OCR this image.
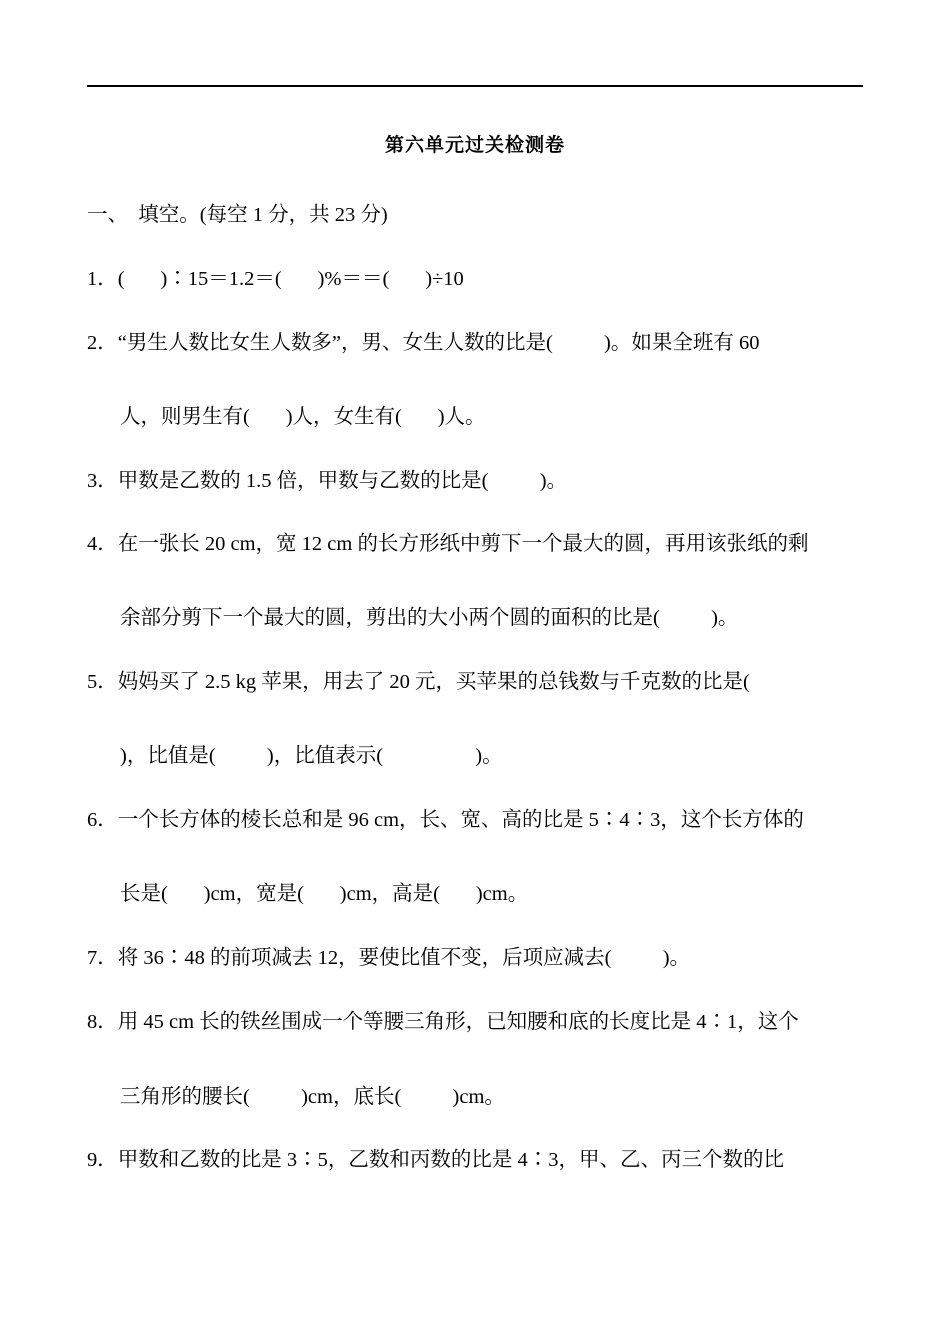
第六单元过关检测卷
一、  填空。(每空 1 分，共 23 分)
1．(       )∶15＝1.2＝(       )%＝＝(       )÷10
2．“男生人数比女生人数多”，男、女生人数的比是(          )。如果全班有 60
人，则男生有(       )人，女生有(       )人。
3．甲数是乙数的 1.5 倍，甲数与乙数的比是(          )。
4．在一张长 20 cm，宽 12 cm 的长方形纸中剪下一个最大的圆，再用该张纸的剩
余部分剪下一个最大的圆，剪出的大小两个圆的面积的比是(          )。
5．妈妈买了 2.5 kg 苹果，用去了 20 元，买苹果的总钱数与千克数的比是(
)，比值是(          )，比值表示(                  )。
6．一个长方体的棱长总和是 96 cm，长、宽、高的比是 5∶4∶3，这个长方体的
长是(       )cm，宽是(       )cm，高是(       )cm。
7．将 36∶48 的前项减去 12，要使比值不变，后项应减去(          )。
8．用 45 cm 长的铁丝围成一个等腰三角形，已知腰和底的长度比是 4∶1，这个
三角形的腰长(          )cm，底长(          )cm。
9．甲数和乙数的比是 3∶5，乙数和丙数的比是 4∶3，甲、乙、丙三个数的比
